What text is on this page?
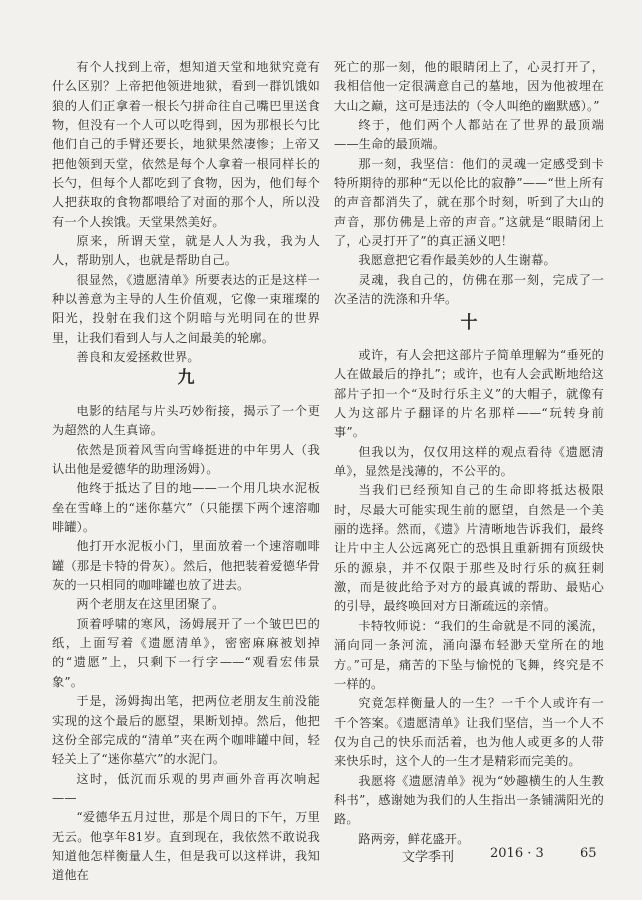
有个人找到上帝，想知道天堂和地狱究竟有什么区别？上帝把他领进地狱，看到一群饥饿如狼的人们正拿着一根长勺拼命往自己嘴巴里送食物，但没有一个人可以吃得到，因为那根长勺比他们自己的手臂还要长，地狱果然凄惨；上帝又把他领到天堂，依然是每个人拿着一根同样长的长勺，但每个人都吃到了食物，因为，他们每个人把获取的食物都喂给了对面的那个人，所以没有一个人挨饿。天堂果然美好。

原来，所谓天堂，就是人人为我，我为人人，帮助别人，也就是帮助自己。

很显然，《遗愿清单》所要表达的正是这样一种以善意为主导的人生价值观，它像一束璀璨的阳光，投射在我们这个阴暗与光明同在的世界里，让我们看到人与人之间最美的轮廓。

善良和友爱拯救世界。

九

电影的结尾与片头巧妙衔接，揭示了一个更为超然的人生真谛。

依然是顶着风雪向雪峰挺进的中年男人（我认出他是爱德华的助理汤姆）。

他终于抵达了目的地——一个用几块水泥板垒在雪峰上的“迷你墓穴”（只能摆下两个速溶咖啡罐）。

他打开水泥板小门，里面放着一个速溶咖啡罐（那是卡特的骨灰）。然后，他把装着爱德华骨灰的一只相同的咖啡罐也放了进去。

两个老朋友在这里团聚了。

顶着呼啸的寒风，汤姆展开了一个皱巴巴的纸，上面写着《遗愿清单》，密密麻麻被划掉的“遗愿”上，只剩下一行字——“观看宏伟景象”。

于是，汤姆掏出笔，把两位老朋友生前没能实现的这个最后的愿望，果断划掉。然后，他把这份全部完成的“清单”夹在两个咖啡罐中间，轻轻关上了“迷你墓穴”的水泥门。

这时，低沉而乐观的男声画外音再次响起——

“爱德华五月过世，那是个周日的下午，万里无云。他享年81岁。直到现在，我依然不敢说我知道他怎样衡量人生，但是我可以这样讲，我知道他在

死亡的那一刻，他的眼睛闭上了，心灵打开了，我相信他一定很满意自己的墓地，因为他被埋在大山之巅，这可是违法的（令人叫绝的幽默感）。”

终于，他们两个人都站在了世界的最顶端——生命的最顶端。

那一刻，我坚信：他们的灵魂一定感受到卡特所期待的那种“无以伦比的寂静”——“世上所有的声音都消失了，就在那个时刻，听到了大山的声音，那仿佛是上帝的声音。”这就是“眼睛闭上了，心灵打开了”的真正涵义吧！

我愿意把它看作最美妙的人生谢幕。

灵魂，我自己的，仿佛在那一刻，完成了一次圣洁的洗涤和升华。

十

或许，有人会把这部片子简单理解为“垂死的人在做最后的挣扎”；或许，也有人会武断地给这部片子扣一个“及时行乐主义”的大帽子，就像有人为这部片子翻译的片名那样——“玩转身前事”。

但我以为，仅仅用这样的观点看待《遗愿清单》，显然是浅薄的，不公平的。

当我们已经预知自己的生命即将抵达极限时，尽最大可能实现生前的愿望，自然是一个美丽的选择。然而，《遗》片清晰地告诉我们，最终让片中主人公远离死亡的恐惧且重新拥有顶级快乐的源泉，并不仅限于那些及时行乐的疯狂刺激，而是彼此给予对方的最真诚的帮助、最贴心的引导，最终唤回对方日渐疏远的亲情。

卡特牧师说：“我们的生命就是不同的溪流，涌向同一条河流，涌向瀑布轻渺天堂所在的地方。”可是，痛苦的下坠与愉悦的飞舞，终究是不一样的。

究竟怎样衡量人的一生？一千个人或许有一千个答案。《遗愿清单》让我们坚信，当一个人不仅为自己的快乐而活着，也为他人或更多的人带来快乐时，这个人的一生才是精彩而完美的。

我愿将《遗愿清单》视为“妙趣横生的人生教科书”，感谢她为我们的人生指出一条铺满阳光的路。

路两旁，鲜花盛开。

文学季刊	2016 · 3	65
